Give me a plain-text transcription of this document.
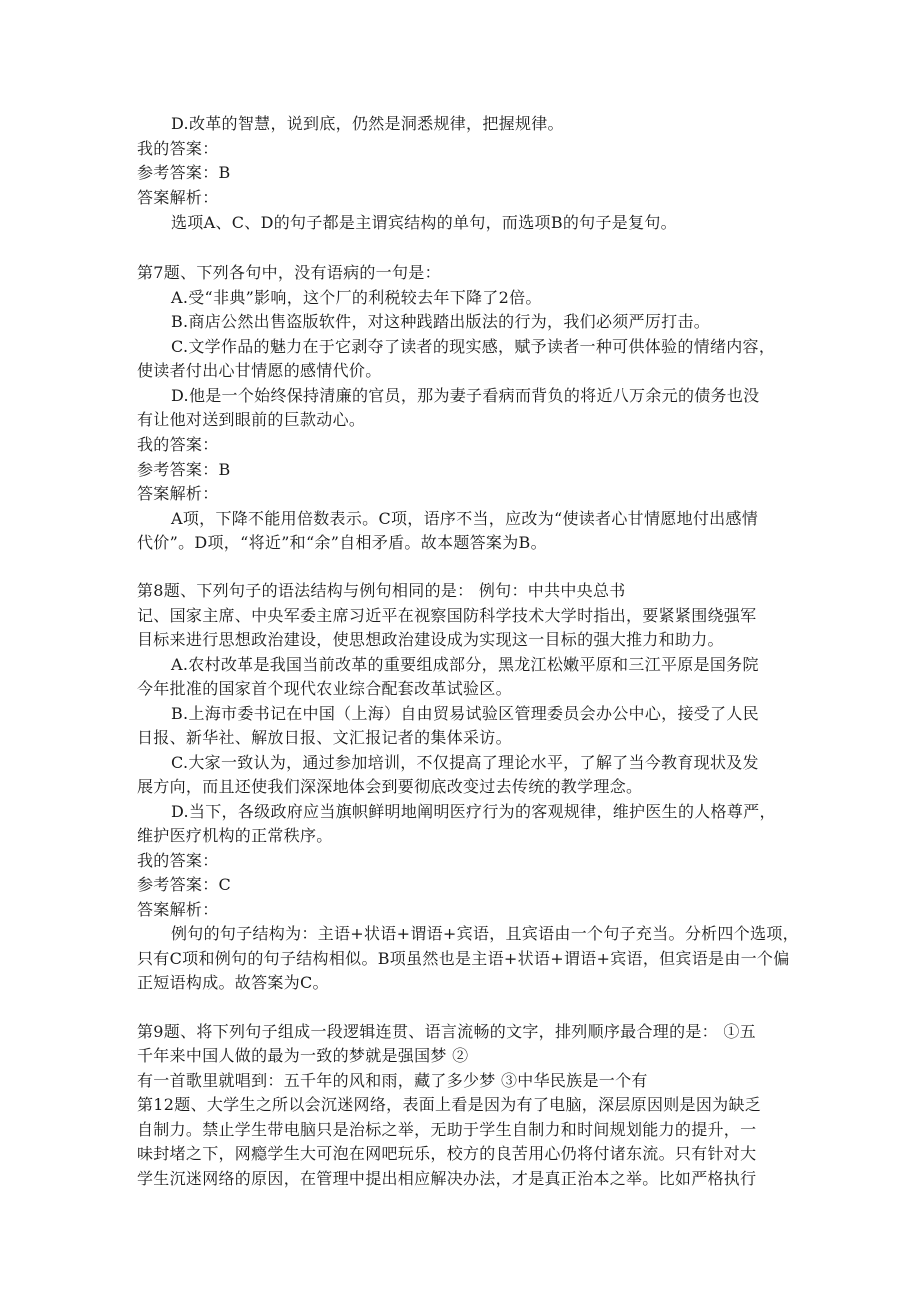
D.改革的智慧，说到底，仍然是洞悉规律，把握规律。
我的答案：
参考答案：B
答案解析：
选项A、C、D的句子都是主谓宾结构的单句，而选项B的句子是复句。
第7题、下列各句中，没有语病的一句是：
A.受“非典”影响，这个厂的利税较去年下降了2倍。
B.商店公然出售盗版软件，对这种践踏出版法的行为，我们必须严厉打击。
C.文学作品的魅力在于它剥夺了读者的现实感，赋予读者一种可供体验的情绪内容，
使读者付出心甘情愿的感情代价。
D.他是一个始终保持清廉的官员，那为妻子看病而背负的将近八万余元的债务也没
有让他对送到眼前的巨款动心。
我的答案：
参考答案：B
答案解析：
A项，下降不能用倍数表示。C项，语序不当，应改为“使读者心甘情愿地付出感情
代价”。D项，“将近”和“余”自相矛盾。故本题答案为B。
第8题、下列句子的语法结构与例句相同的是： 例句：中共中央总书
记、国家主席、中央军委主席习近平在视察国防科学技术大学时指出，要紧紧围绕强军
目标来进行思想政治建设，使思想政治建设成为实现这一目标的强大推力和助力。
A.农村改革是我国当前改革的重要组成部分，黑龙江松嫩平原和三江平原是国务院
今年批准的国家首个现代农业综合配套改革试验区。
B.上海市委书记在中国（上海）自由贸易试验区管理委员会办公中心，接受了人民
日报、新华社、解放日报、文汇报记者的集体采访。
C.大家一致认为，通过参加培训，不仅提高了理论水平，了解了当今教育现状及发
展方向，而且还使我们深深地体会到要彻底改变过去传统的教学理念。
D.当下，各级政府应当旗帜鲜明地阐明医疗行为的客观规律，维护医生的人格尊严，
维护医疗机构的正常秩序。
我的答案：
参考答案：C
答案解析：
例句的句子结构为：主语+状语+谓语+宾语，且宾语由一个句子充当。分析四个选项，
只有C项和例句的句子结构相似。B项虽然也是主语+状语+谓语+宾语，但宾语是由一个偏
正短语构成。故答案为C。
第9题、将下列句子组成一段逻辑连贯、语言流畅的文字，排列顺序最合理的是： ①五
千年来中国人做的最为一致的梦就是强国梦 ②
有一首歌里就唱到：五千年的风和雨，藏了多少梦 ③中华民族是一个有
第12题、大学生之所以会沉迷网络，表面上看是因为有了电脑，深层原因则是因为缺乏
自制力。禁止学生带电脑只是治标之举，无助于学生自制力和时间规划能力的提升，一
味封堵之下，网瘾学生大可泡在网吧玩乐，校方的良苦用心仍将付诸东流。只有针对大
学生沉迷网络的原因，在管理中提出相应解决办法，才是真正治本之举。比如严格执行
